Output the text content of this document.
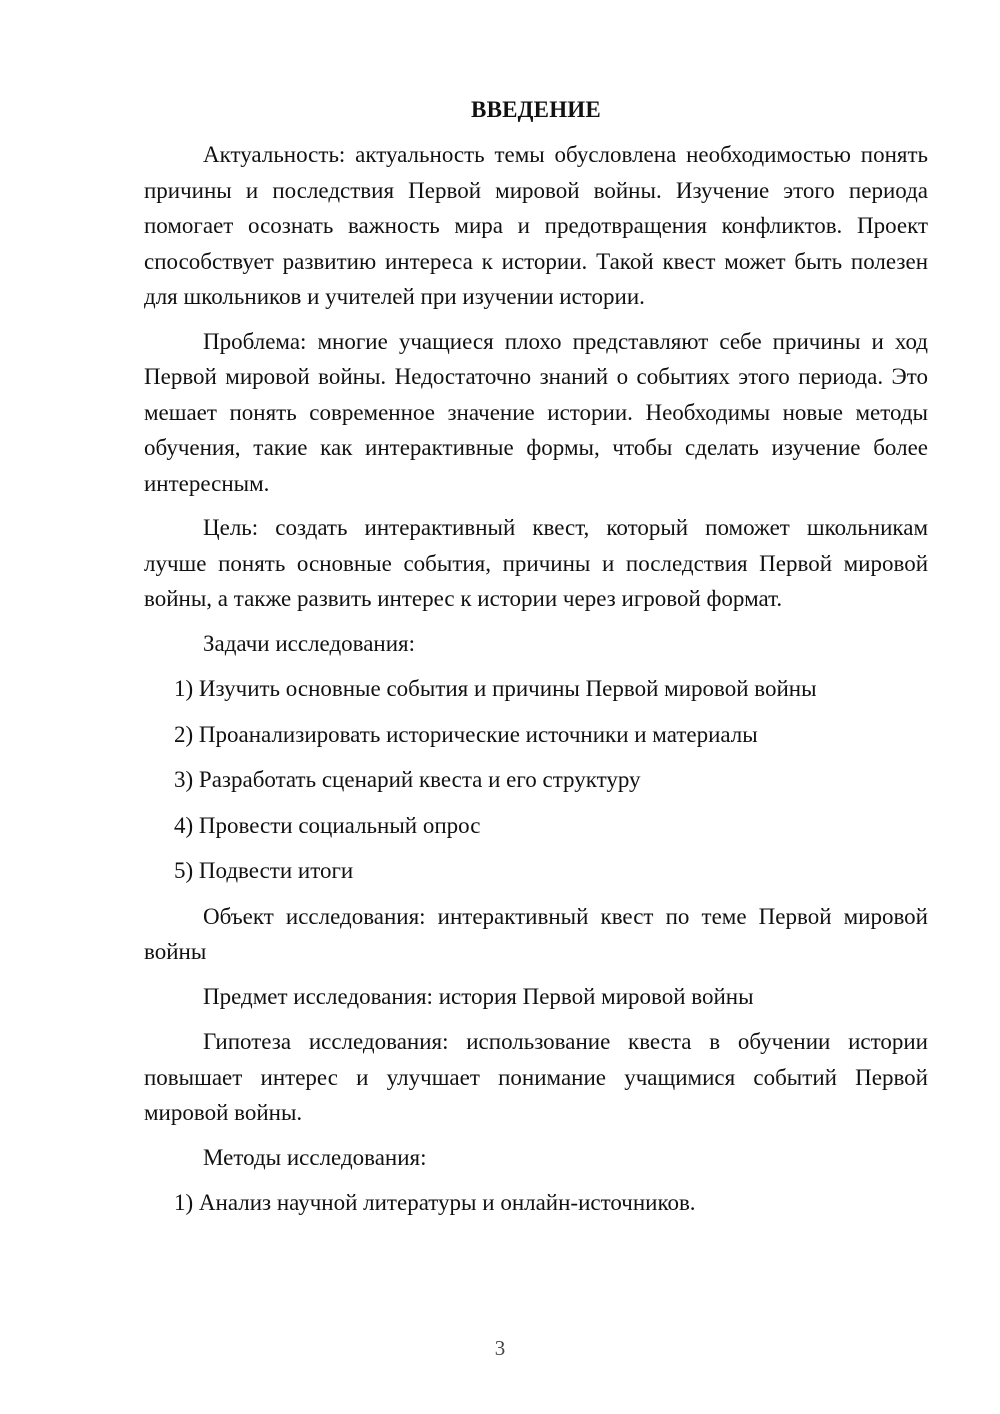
ВВЕДЕНИЕ

Актуальность: актуальность темы обусловлена необходимостью понять причины и последствия Первой мировой войны. Изучение этого периода помогает осознать важность мира и предотвращения конфликтов. Проект способствует развитию интереса к истории. Такой квест может быть полезен для школьников и учителей при изучении истории.

Проблема: многие учащиеся плохо представляют себе причины и ход Первой мировой войны. Недостаточно знаний о событиях этого периода. Это мешает понять современное значение истории. Необходимы новые методы обучения, такие как интерактивные формы, чтобы сделать изучение более интересным.

Цель: создать интерактивный квест, который поможет школьникам лучше понять основные события, причины и последствия Первой мировой войны, а также развить интерес к истории через игровой формат.

Задачи исследования:

1) Изучить основные события и причины Первой мировой войны

2) Проанализировать исторические источники и материалы

3) Разработать сценарий квеста и его структуру

4) Провести социальный опрос

5) Подвести итоги

Объект исследования: интерактивный квест по теме Первой мировой войны

Предмет исследования: история Первой мировой войны

Гипотеза исследования: использование квеста в обучении истории повышает интерес и улучшает понимание учащимися событий Первой мировой войны.

Методы исследования:

1) Анализ научной литературы и онлайн-источников.

3
